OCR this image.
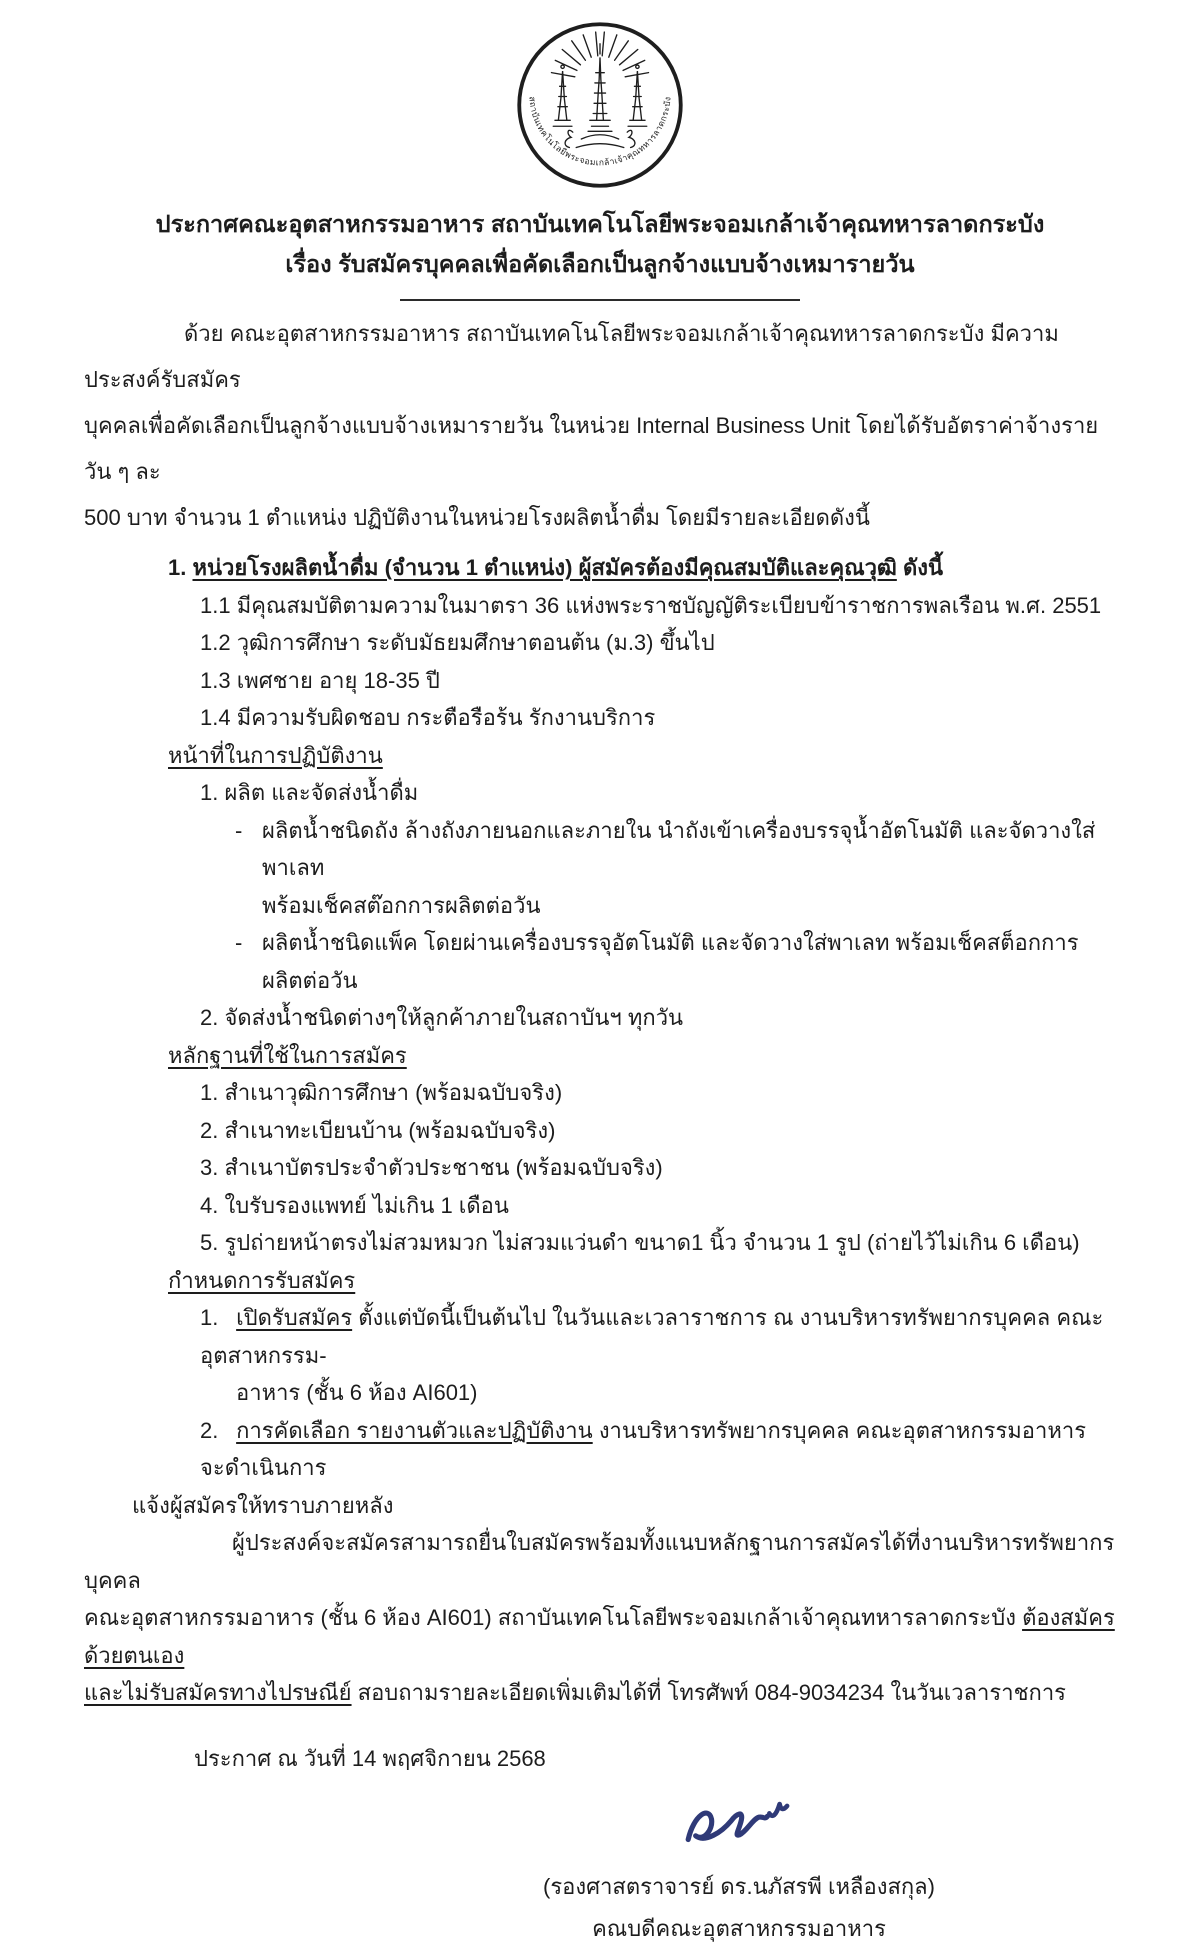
สถาบันเทคโนโลยีพระจอมเกล้าเจ้าคุณทหารลาดกระบัง
ประกาศคณะอุตสาหกรรมอาหาร สถาบันเทคโนโลยีพระจอมเกล้าเจ้าคุณทหารลาดกระบัง
เรื่อง รับสมัครบุคคลเพื่อคัดเลือกเป็นลูกจ้างแบบจ้างเหมารายวัน
ด้วย คณะอุตสาหกรรมอาหาร สถาบันเทคโนโลยีพระจอมเกล้าเจ้าคุณทหารลาดกระบัง มีความประสงค์รับสมัคร
บุคคลเพื่อคัดเลือกเป็นลูกจ้างแบบจ้างเหมารายวัน ในหน่วย Internal Business Unit โดยได้รับอัตราค่าจ้างรายวัน ๆ ละ
500 บาท จำนวน 1 ตำแหน่ง ปฏิบัติงานในหน่วยโรงผลิตน้ำดื่ม โดยมีรายละเอียดดังนี้
1. หน่วยโรงผลิตน้ำดื่ม (จำนวน 1 ตำแหน่ง) ผู้สมัครต้องมีคุณสมบัติและคุณวุฒิ ดังนี้
1.1 มีคุณสมบัติตามความในมาตรา 36 แห่งพระราชบัญญัติระเบียบข้าราชการพลเรือน พ.ศ. 2551
1.2 วุฒิการศึกษา ระดับมัธยมศึกษาตอนต้น (ม.3) ขึ้นไป
1.3 เพศชาย อายุ 18-35 ปี
1.4 มีความรับผิดชอบ กระตือรือร้น รักงานบริการ
หน้าที่ในการปฏิบัติงาน
1. ผลิต และจัดส่งน้ำดื่ม
- ผลิตน้ำชนิดถัง ล้างถังภายนอกและภายใน นำถังเข้าเครื่องบรรจุน้ำอัตโนมัติ และจัดวางใส่พาเลท
พร้อมเช็คสต๊อกการผลิตต่อวัน
- ผลิตน้ำชนิดแพ็ค โดยผ่านเครื่องบรรจุอัตโนมัติ และจัดวางใส่พาเลท พร้อมเช็คสต็อกการผลิตต่อวัน
2. จัดส่งน้ำชนิดต่างๆให้ลูกค้าภายในสถาบันฯ ทุกวัน
หลักฐานที่ใช้ในการสมัคร
1. สำเนาวุฒิการศึกษา (พร้อมฉบับจริง)
2. สำเนาทะเบียนบ้าน (พร้อมฉบับจริง)
3. สำเนาบัตรประจำตัวประชาชน (พร้อมฉบับจริง)
4. ใบรับรองแพทย์ ไม่เกิน 1 เดือน
5. รูปถ่ายหน้าตรงไม่สวมหมวก ไม่สวมแว่นดำ ขนาด1 นิ้ว จำนวน 1 รูป (ถ่ายไว้ไม่เกิน 6 เดือน)
กำหนดการรับสมัคร
1. เปิดรับสมัคร ตั้งแต่บัดนี้เป็นต้นไป ในวันและเวลาราชการ ณ งานบริหารทรัพยากรบุคคล คณะอุตสาหกรรม-
อาหาร (ชั้น 6 ห้อง AI601)
2. การคัดเลือก รายงานตัวและปฏิบัติงาน งานบริหารทรัพยากรบุคคล คณะอุตสาหกรรมอาหาร จะดำเนินการ
แจ้งผู้สมัครให้ทราบภายหลัง
ผู้ประสงค์จะสมัครสามารถยื่นใบสมัครพร้อมทั้งแนบหลักฐานการสมัครได้ที่งานบริหารทรัพยากรบุคคล
คณะอุตสาหกรรมอาหาร (ชั้น 6 ห้อง AI601) สถาบันเทคโนโลยีพระจอมเกล้าเจ้าคุณทหารลาดกระบัง ต้องสมัครด้วยตนเอง
และไม่รับสมัครทางไปรษณีย์ สอบถามรายละเอียดเพิ่มเติมได้ที่ โทรศัพท์ 084-9034234 ในวันเวลาราชการ
ประกาศ ณ วันที่ 14 พฤศจิกายน 2568
(รองศาสตราจารย์ ดร.นภัสรพี เหลืองสกุล)
คณบดีคณะอุตสาหกรรมอาหาร
